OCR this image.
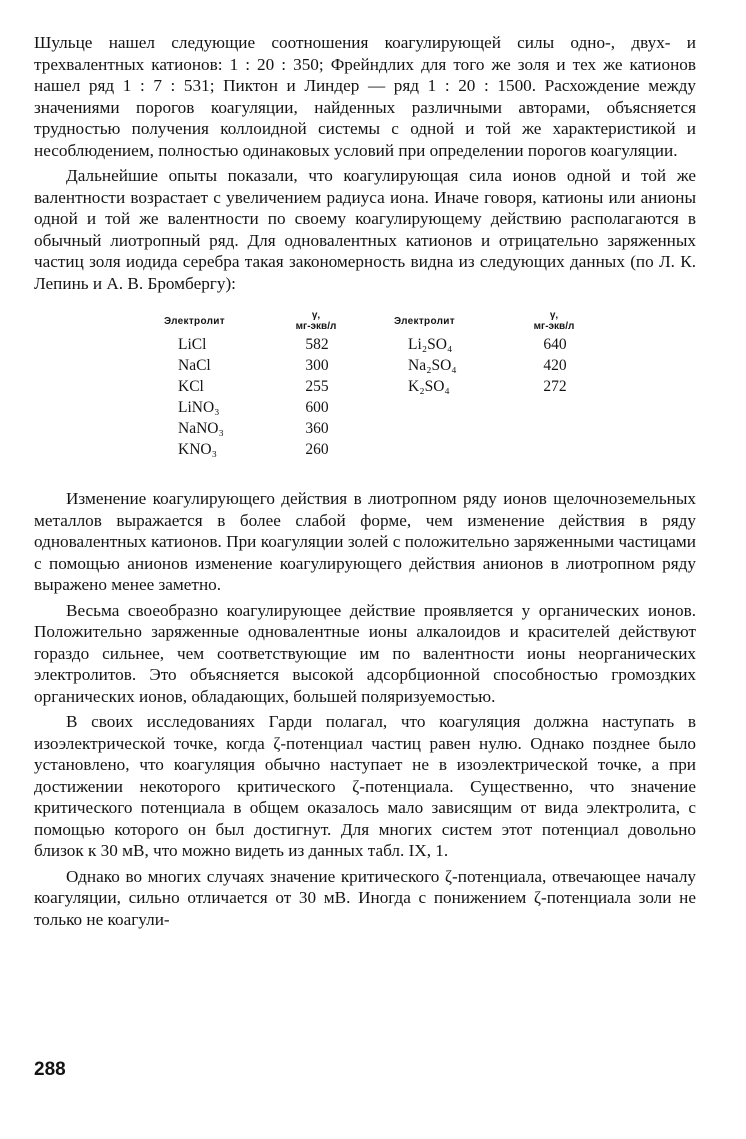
Шульце нашел следующие соотношения коагулирующей силы одно-, двух- и трехвалентных катионов: 1 : 20 : 350; Фрейндлих для того же золя и тех же катионов нашел ряд 1 : 7 : 531; Пиктон и Линдер — ряд 1 : 20 : 1500. Расхождение между значениями порогов коагуляции, найденных различными авторами, объясняется трудностью получения коллоидной системы с одной и той же характеристикой и несоблюдением, полностью одинаковых условий при определении порогов коагуляции.

Дальнейшие опыты показали, что коагулирующая сила ионов одной и той же валентности возрастает с увеличением радиуса иона. Иначе говоря, катионы или анионы одной и той же валентности по своему коагулирующему действию располагаются в обычный лиотропный ряд. Для одновалентных катионов и отрицательно заряженных частиц золя иодида серебра такая закономерность видна из следующих данных (по Л. К. Лепинь и А. В. Бромбергу):

Электролит	γ,
мг-экв/л
LiCl	582
NaCl	300
KCl	255
LiNO₃	600
NaNO₃	360
KNO₃	260
Электролит	γ,
мг-экв/л
Li₂SO₄	640
Na₂SO₄	420
K₂SO₄	272

Изменение коагулирующего действия в лиотропном ряду ионов щелочноземельных металлов выражается в более слабой форме, чем изменение действия в ряду одновалентных катионов. При коагуляции золей с положительно заряженными частицами с помощью анионов изменение коагулирующего действия анионов в лиотропном ряду выражено менее заметно.

Весьма своеобразно коагулирующее действие проявляется у органических ионов. Положительно заряженные одновалентные ионы алкалоидов и красителей действуют гораздо сильнее, чем соответствующие им по валентности ионы неорганических электролитов. Это объясняется высокой адсорбционной способностью громоздких органических ионов, обладающих, большей поляризуемостью.

В своих исследованиях Гарди полагал, что коагуляция должна наступать в изоэлектрической точке, когда ζ-потенциал частиц равен нулю. Однако позднее было установлено, что коагуляция обычно наступает не в изоэлектрической точке, а при достижении некоторого критического ζ-потенциала. Существенно, что значение критического потенциала в общем оказалось мало зависящим от вида электролита, с помощью которого он был достигнут. Для многих систем этот потенциал довольно близок к 30 мВ, что можно видеть из данных табл. IX, 1.

Однако во многих случаях значение критического ζ-потенциала, отвечающее началу коагуляции, сильно отличается от 30 мВ. Иногда с понижением ζ-потенциала золи не только не коагули-

288
